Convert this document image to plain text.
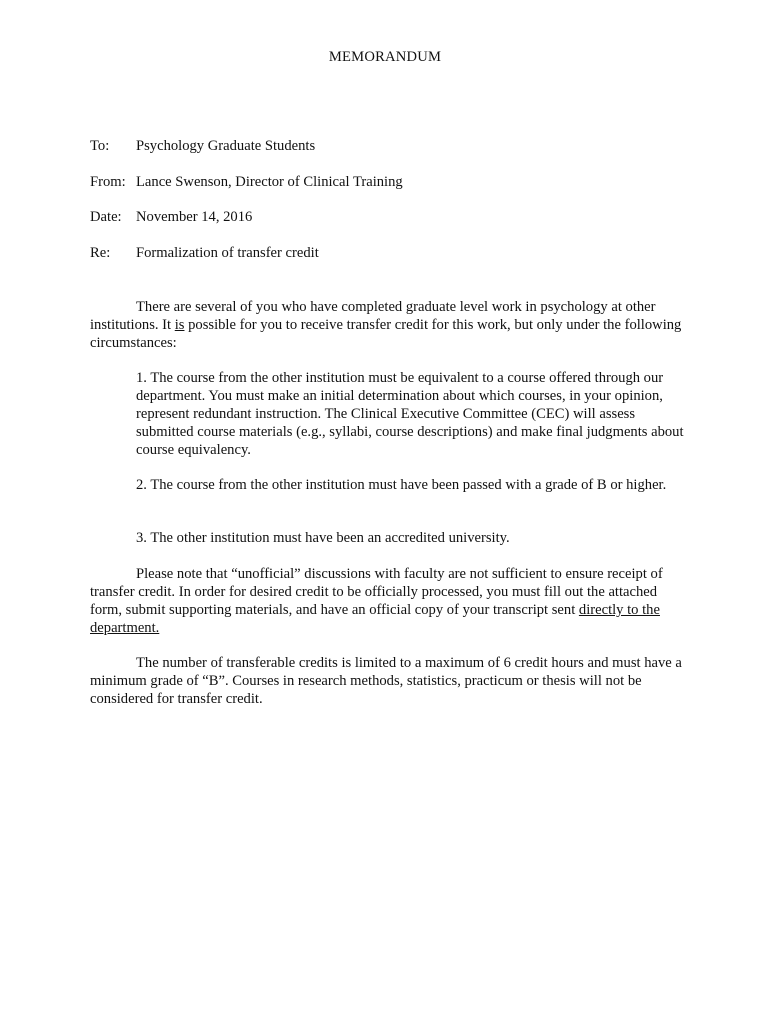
MEMORANDUM
To: Psychology Graduate Students
From: Lance Swenson, Director of Clinical Training
Date: November 14, 2016
Re: Formalization of transfer credit

There are several of you who have completed graduate level work in psychology at other institutions. It is possible for you to receive transfer credit for this work, but only under the following circumstances:

1. The course from the other institution must be equivalent to a course offered through our department. You must make an initial determination about which courses, in your opinion, represent redundant instruction. The Clinical Executive Committee (CEC) will assess submitted course materials (e.g., syllabi, course descriptions) and make final judgments about course equivalency.

2. The course from the other institution must have been passed with a grade of B or higher.

3. The other institution must have been an accredited university.

Please note that “unofficial” discussions with faculty are not sufficient to ensure receipt of transfer credit. In order for desired credit to be officially processed, you must fill out the attached form, submit supporting materials, and have an official copy of your transcript sent directly to the department.

The number of transferable credits is limited to a maximum of 6 credit hours and must have a minimum grade of “B”. Courses in research methods, statistics, practicum or thesis will not be considered for transfer credit.
